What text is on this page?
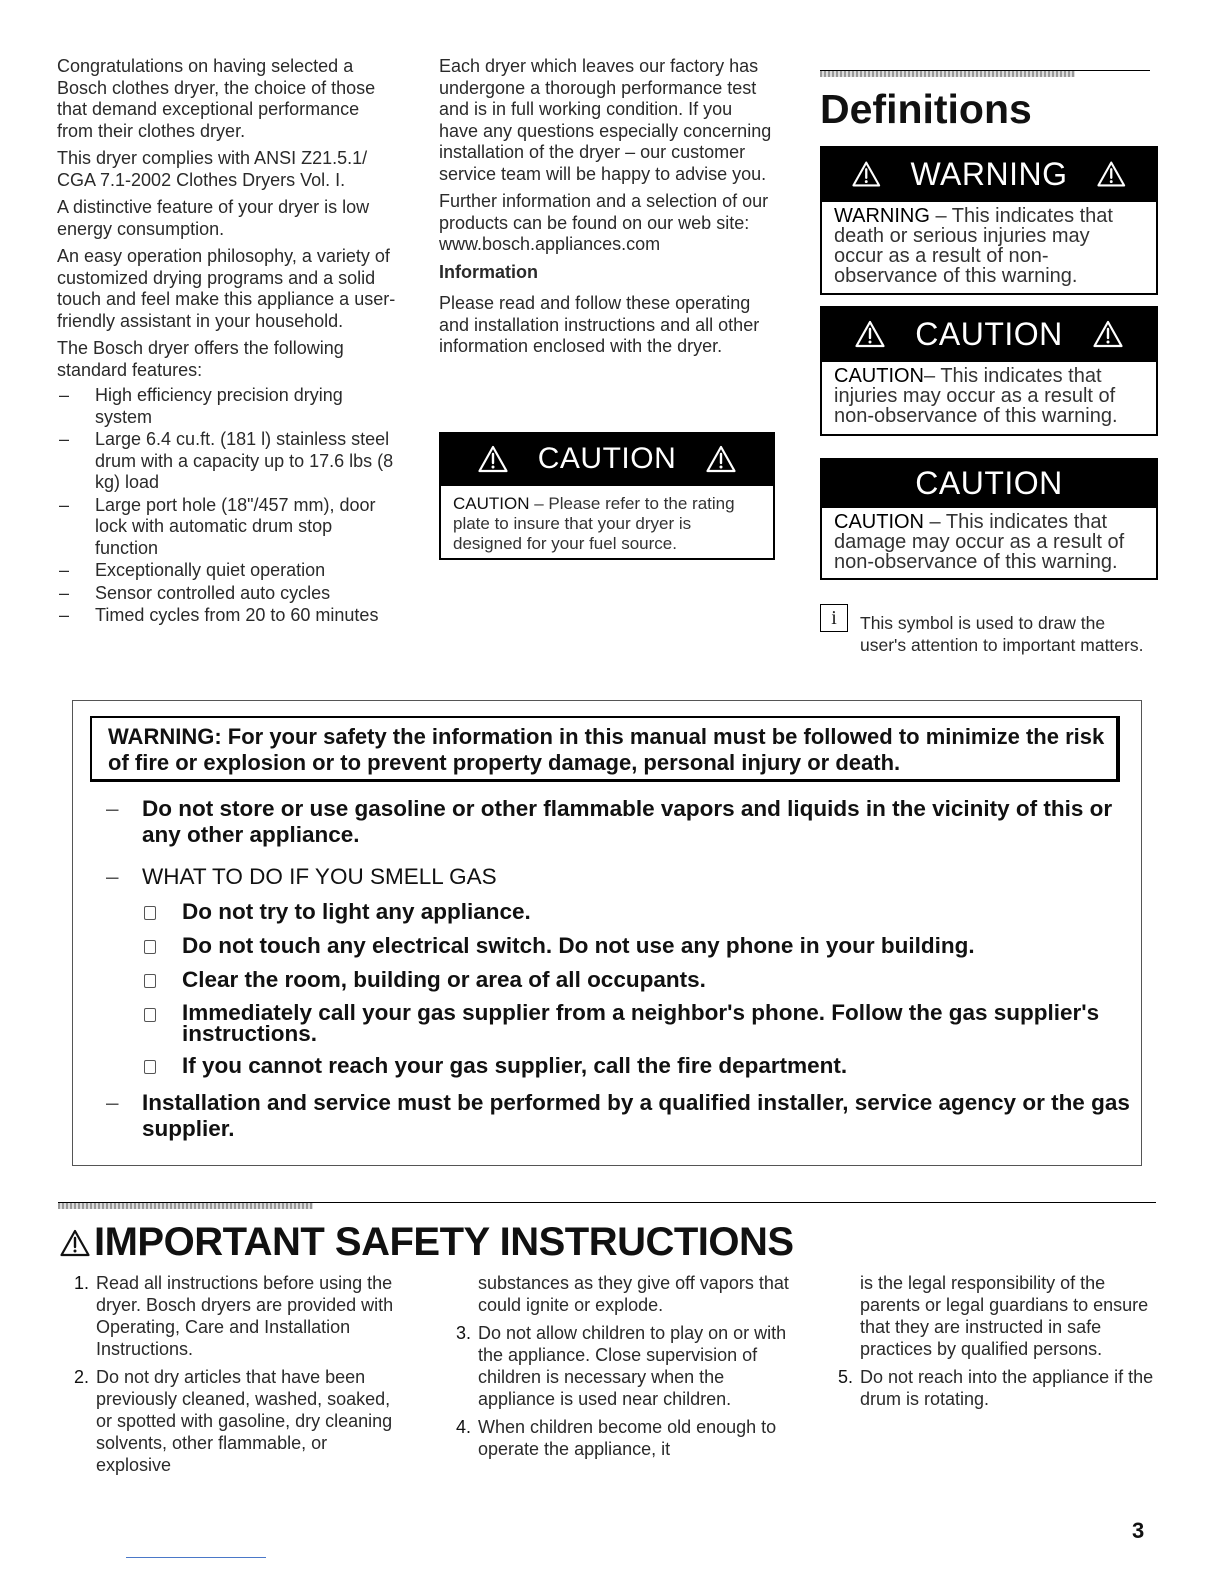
Congratulations on having selected a Bosch clothes dryer, the choice of those that demand exceptional performance from their clothes dryer.

This dryer complies with ANSI Z21.5.1/ CGA 7.1-2002 Clothes Dryers Vol. I.

A distinctive feature of your dryer is low energy consumption.

An easy operation philosophy, a variety of customized drying programs and a solid touch and feel make this appliance a user-friendly assistant in your household.

The Bosch dryer offers the following standard features:

– High efficiency precision drying system
– Large 6.4 cu.ft. (181 l) stainless steel drum with a capacity up to 17.6 lbs (8 kg) load
– Large port hole (18"/457 mm), door lock with automatic drum stop function
– Exceptionally quiet operation
– Sensor controlled auto cycles
– Timed cycles from 20 to 60 minutes

Each dryer which leaves our factory has undergone a thorough performance test and is in full working condition. If you have any questions especially concerning installation of the dryer – our customer service team will be happy to advise you.

Further information and a selection of our products can be found on our web site: www.bosch.appliances.com

Information

Please read and follow these operating and installation instructions and all other information enclosed with the dryer.

CAUTION
CAUTION – Please refer to the rating plate to insure that your dryer is designed for your fuel source.
Definitions
WARNING
WARNING – This indicates that death or serious injuries may occur as a result of non-observance of this warning.
CAUTION
CAUTION– This indicates that injuries may occur as a result of non-observance of this warning.
CAUTION
CAUTION – This indicates that damage may occur as a result of non-observance of this warning.
i	This symbol is used to draw the user's attention to important matters.
WARNING: For your safety the information in this manual must be followed to minimize the risk of fire or explosion or to prevent property damage, personal injury or death.
– Do not store or use gasoline or other flammable vapors and liquids in the vicinity of this or any other appliance.
– WHAT TO DO IF YOU SMELL GAS
Do not try to light any appliance.
Do not touch any electrical switch. Do not use any phone in your building.
Clear the room, building or area of all occupants.
Immediately call your gas supplier from a neighbor's phone. Follow the gas supplier's instructions.
If you cannot reach your gas supplier, call the fire department.
– Installation and service must be performed by a qualified installer, service agency or the gas supplier.
IMPORTANT SAFETY INSTRUCTIONS
1. Read all instructions before using the dryer. Bosch dryers are provided with Operating, Care and Installation Instructions.
2. Do not dry articles that have been previously cleaned, washed, soaked, or spotted with gasoline, dry cleaning solvents, other flammable, or explosive
substances as they give off vapors that could ignite or explode.
3. Do not allow children to play on or with the appliance. Close supervision of children is necessary when the appliance is used near children.
4. When children become old enough to operate the appliance, it
is the legal responsibility of the parents or legal guardians to ensure that they are instructed in safe practices by qualified persons.
5. Do not reach into the appliance if the drum is rotating.
3
